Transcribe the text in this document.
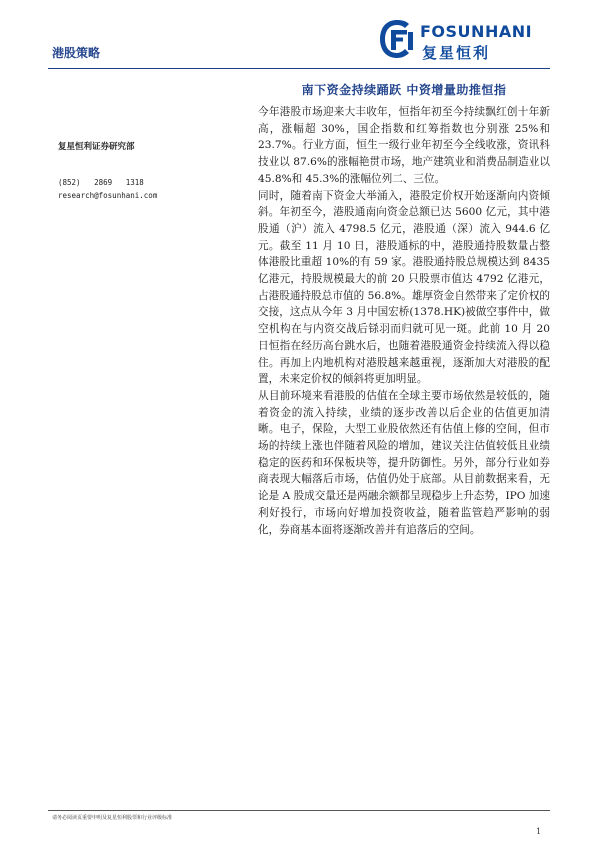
港股策略
FOSUNHANI
复星恒利
南下资金持续踊跃 中资增量助推恒指
复星恒利证券研究部
(852)   2869   1318
research@fosunhani.com

今年港股市场迎来大丰收年，恒指年初至今持续飘红创十年新高，涨幅超 30%，国企指数和红筹指数也分别涨 25%和 23.7%。行业方面，恒生一级行业年初至今全线收涨，资讯科技业以 87.6%的涨幅艳贯市场，地产建筑业和消费品制造业以 45.8%和 45.3%的涨幅位列二、三位。

同时，随着南下资金大举涌入，港股定价权开始逐渐向内资倾斜。年初至今，港股通南向资金总额已达 5600 亿元，其中港股通（沪）流入 4798.5 亿元，港股通（深）流入 944.6 亿元。截至 11 月 10 日，港股通标的中，港股通持股数量占整体港股比重超 10%的有 59 家。港股通持股总规模达到 8435 亿港元，持股规模最大的前 20 只股票市值达 4792 亿港元，占港股通持股总市值的 56.8%。雄厚资金自然带来了定价权的交接，这点从今年 3 月中国宏桥(1378.HK)被做空事件中，做空机构在与内资交战后铩羽而归就可见一斑。此前 10 月 20 日恒指在经历高台跳水后，也随着港股通资金持续流入得以稳住。再加上内地机构对港股越来越重视，逐渐加大对港股的配置，未来定价权的倾斜将更加明显。

从目前环境来看港股的估值在全球主要市场依然是较低的，随着资金的流入持续，业绩的逐步改善以后企业的估值更加清晰。电子，保险，大型工业股依然还有估值上修的空间，但市场的持续上涨也伴随着风险的增加，建议关注估值较低且业绩稳定的医药和环保板块等，提升防御性。另外，部分行业如券商表现大幅落后市场，估值仍处于底部。从目前数据来看，无论是 A 股成交量还是两融余额都呈现稳步上升态势，IPO 加速利好投行，市场向好增加投资收益，随着监管趋严影响的弱化，券商基本面将逐渐改善并有追落后的空间。

请务必阅读页重要申明及复星恒利股票和行业评级标准
1
